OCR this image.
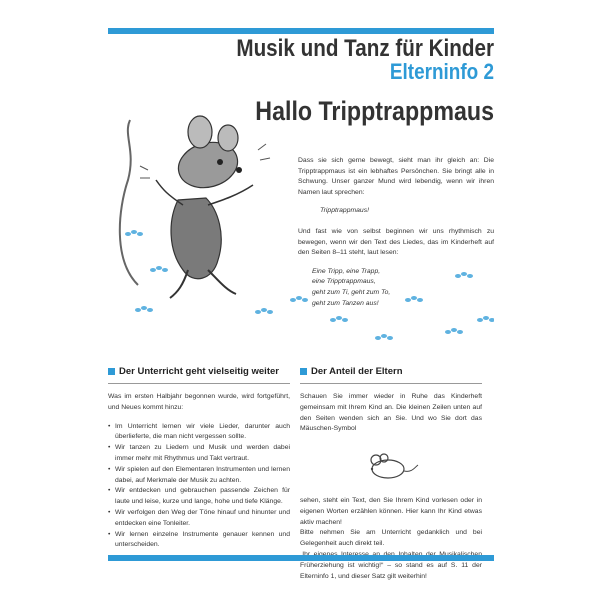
Musik und Tanz für Kinder
Elterninfo 2
Hallo Tripptrappmaus

Dass sie sich gerne bewegt, sieht man ihr gleich an: Die Tripptrappmaus ist ein lebhaftes Persönchen. Sie bringt alle in Schwung. Unser ganzer Mund wird lebendig, wenn wir ihren Namen laut sprechen:

Tripptrappmaus!

Und fast wie von selbst beginnen wir uns rhythmisch zu bewegen, wenn wir den Text des Liedes, das im Kinderheft auf den Seiten 8–11 steht, laut lesen:

Eine Tripp, eine Trapp,
eine Tripptrappmaus,
geht zum Ti, geht zum To,
geht zum Tanzen aus!
Der Unterricht geht vielseitig weiter

Was im ersten Halbjahr begonnen wurde, wird fortgeführt, und Neues kommt hinzu:

• Im Unterricht lernen wir viele Lieder, darunter auch überlieferte, die man nicht vergessen sollte.
• Wir tanzen zu Liedern und Musik und werden dabei immer mehr mit Rhythmus und Takt vertraut.
• Wir spielen auf den Elementaren Instrumenten und lernen dabei, auf Merkmale der Musik zu achten.
• Wir entdecken und gebrauchen passende Zeichen für laute und leise, kurze und lange, hohe und tiefe Klänge.
• Wir verfolgen den Weg der Töne hinauf und hinunter und entdecken eine Tonleiter.
• Wir lernen einzelne Instrumente genauer kennen und unterscheiden.
Der Anteil der Eltern

Schauen Sie immer wieder in Ruhe das Kinderheft gemeinsam mit Ihrem Kind an. Die kleinen Zeilen unten auf den Seiten wenden sich an Sie. Und wo Sie dort das Mäuschen-Symbol

sehen, steht ein Text, den Sie Ihrem Kind vorlesen oder in eigenen Worten erzählen können. Hier kann Ihr Kind etwas aktiv machen!

Bitte nehmen Sie am Unterricht gedanklich und bei Gelegenheit auch direkt teil.

Früherziehung ist wichtig!“ – so stand es auf S. 11 der Elterninfo 1, und dieser Satz gilt weiterhin!
